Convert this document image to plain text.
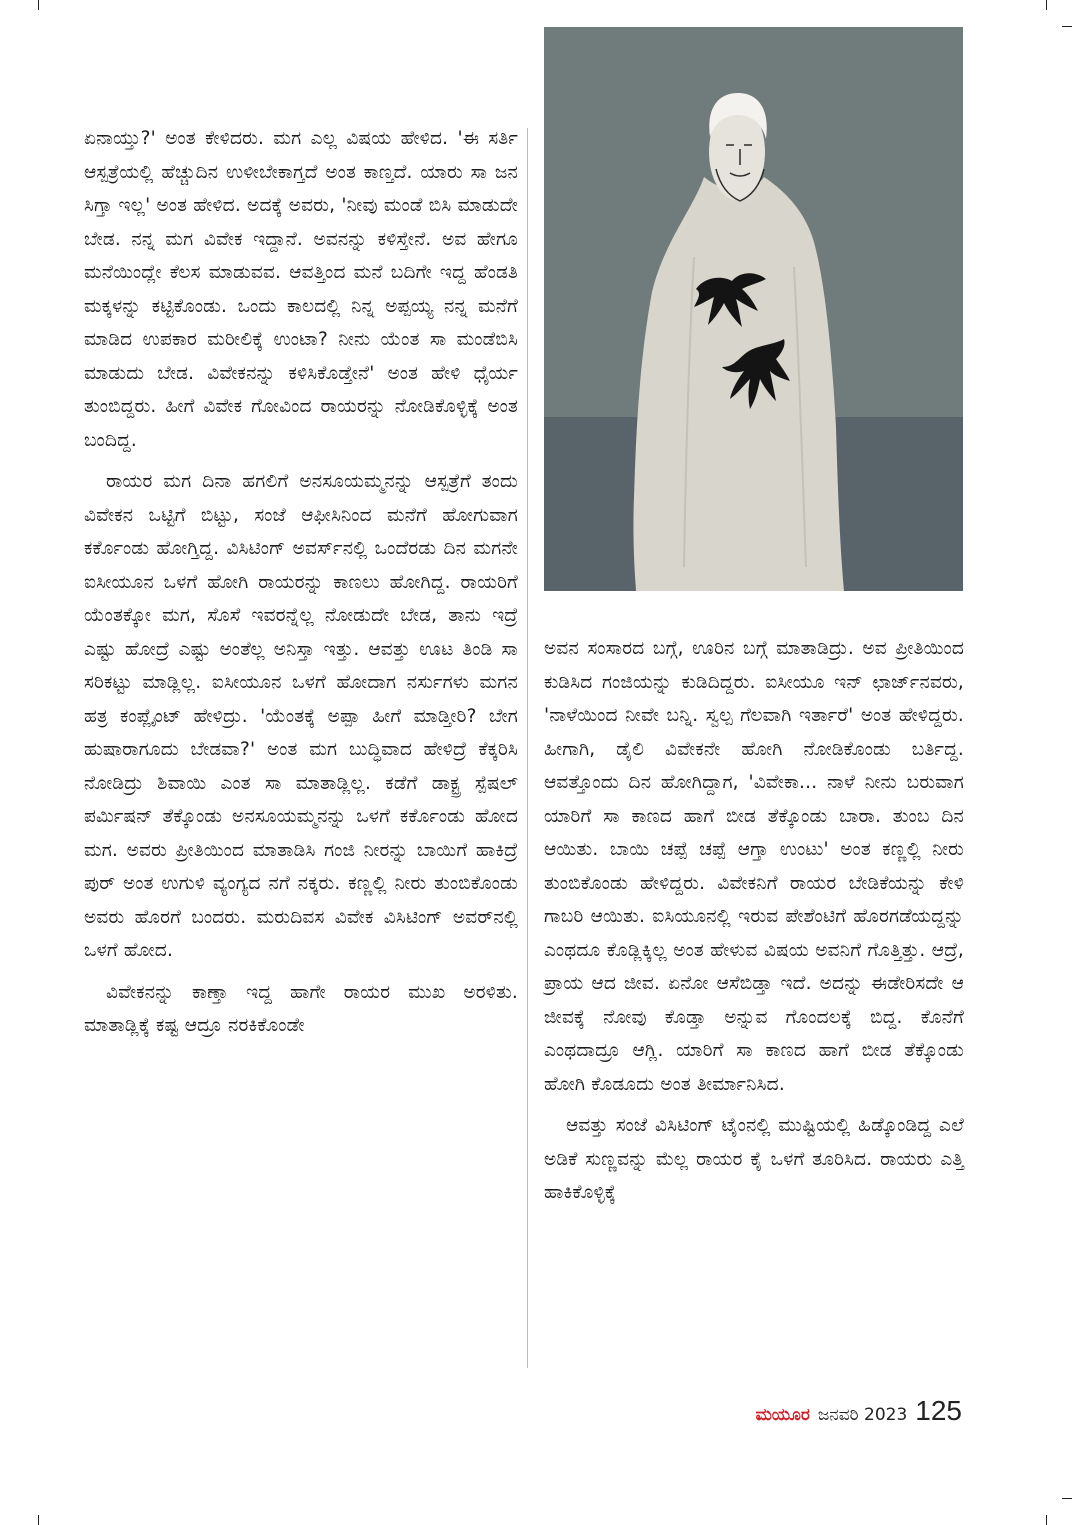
ಏನಾಯ್ತು?' ಅಂತ ಕೇಳಿದರು. ಮಗ ಎಲ್ಲ ವಿಷಯ ಹೇಳಿದ. 'ಈ ಸರ್ತಿ ಆಸ್ಪತ್ರೆಯಲ್ಲಿ ಹೆಚ್ಚುದಿನ ಉಳೀಬೇಕಾಗ್ತದೆ ಅಂತ ಕಾಣ್ತದೆ. ಯಾರು ಸಾ ಜನ ಸಿಗ್ತಾ ಇಲ್ಲ' ಅಂತ ಹೇಳಿದ. ಅದಕ್ಕೆ ಅವರು, 'ನೀವು ಮಂಡೆ ಬಿಸಿ ಮಾಡುದೇ ಬೇಡ. ನನ್ನ ಮಗ ವಿವೇಕ ಇದ್ದಾನೆ. ಅವನನ್ನು ಕಳಿಸ್ತೇನೆ. ಅವ ಹೇಗೂ ಮನೆಯಿಂದ್ಲೇ ಕೆಲಸ ಮಾಡುವವ. ಆವತ್ತಿಂದ ಮನೆ ಬದಿಗೇ ಇದ್ದ ಹೆಂಡತಿ ಮಕ್ಕಳನ್ನು ಕಟ್ಟಿಕೊಂಡು. ಒಂದು ಕಾಲದಲ್ಲಿ ನಿನ್ನ ಅಪ್ಪಯ್ಯ ನನ್ನ ಮನೆಗೆ ಮಾಡಿದ ಉಪಕಾರ ಮರೀಲಿಕ್ಕೆ ಉಂಟಾ? ನೀನು ಯೆಂತ ಸಾ ಮಂಡೆಬಿಸಿ ಮಾಡುದು ಬೇಡ. ವಿವೇಕನನ್ನು ಕಳಿಸಿಕೊಡ್ತೇನೆ' ಅಂತ ಹೇಳಿ ಧೈರ್ಯ ತುಂಬಿದ್ದರು. ಹೀಗೆ ವಿವೇಕ ಗೋವಿಂದ ರಾಯರನ್ನು ನೋಡಿಕೊಳ್ಳಿಕ್ಕೆ ಅಂತ ಬಂದಿದ್ದ.

ರಾಯರ ಮಗ ದಿನಾ ಹಗಲಿಗೆ ಅನಸೂಯಮ್ಮನನ್ನು ಆಸ್ಪತ್ರೆಗೆ ತಂದು ವಿವೇಕನ ಒಟ್ಟಿಗೆ ಬಿಟ್ಟು, ಸಂಜೆ ಆಫೀಸಿನಿಂದ ಮನೆಗೆ ಹೋಗುವಾಗ ಕರ್ಕೊಂಡು ಹೋಗ್ತಿದ್ದ. ವಿಸಿಟಿಂಗ್ ಅವರ್ಸ್‌ನಲ್ಲಿ ಒಂದೆರಡು ದಿನ ಮಗನೇ ಐಸೀಯೂನ ಒಳಗೆ ಹೋಗಿ ರಾಯರನ್ನು ಕಾಣಲು ಹೋಗಿದ್ದ. ರಾಯರಿಗೆ ಯೆಂತಕ್ಕೋ ಮಗ, ಸೊಸೆ ಇವರನ್ನೆಲ್ಲ ನೋಡುದೇ ಬೇಡ, ತಾನು ಇದ್ರೆ ಎಷ್ಟು ಹೋದ್ರೆ ಎಷ್ಟು ಅಂತೆಲ್ಲ ಅನಿಸ್ತಾ ಇತ್ತು. ಆವತ್ತು ಊಟ ತಿಂಡಿ ಸಾ ಸರಿಕಟ್ಟು ಮಾಡ್ಲಿಲ್ಲ. ಐಸೀಯೂನ ಒಳಗೆ ಹೋದಾಗ ನರ್ಸುಗಳು ಮಗನ ಹತ್ರ ಕಂಪ್ಲೈಂಟ್ ಹೇಳಿದ್ರು. 'ಯೆಂತಕ್ಕೆ ಅಪ್ಪಾ ಹೀಗೆ ಮಾಡ್ತೀರಿ? ಬೇಗ ಹುಷಾರಾಗೂದು ಬೇಡವಾ?' ಅಂತ ಮಗ ಬುದ್ಧಿವಾದ ಹೇಳಿದ್ರೆ ಕೆಕ್ಕರಿಸಿ ನೋಡಿದ್ರು ಶಿವಾಯಿ ಎಂತ ಸಾ ಮಾತಾಡ್ಲಿಲ್ಲ. ಕಡೆಗೆ ಡಾಕ್ಟ್ರ ಸ್ಪೆಷಲ್ ಪರ್ಮಿಷನ್ ತೆಕ್ಕೊಂಡು ಅನಸೂಯಮ್ಮನನ್ನು ಒಳಗೆ ಕರ್ಕೊಂಡು ಹೋದ ಮಗ. ಅವರು ಪ್ರೀತಿಯಿಂದ ಮಾತಾಡಿಸಿ ಗಂಜಿ ನೀರನ್ನು ಬಾಯಿಗೆ ಹಾಕಿದ್ರೆ ಪುರ್ ಅಂತ ಉಗುಳಿ ವ್ಯಂಗ್ಯದ ನಗೆ ನಕ್ಕರು. ಕಣ್ಣಲ್ಲಿ ನೀರು ತುಂಬಿಕೊಂಡು ಅವರು ಹೊರಗೆ ಬಂದರು. ಮರುದಿವಸ ವಿವೇಕ ವಿಸಿಟಿಂಗ್ ಅವರ್‌ನಲ್ಲಿ ಒಳಗೆ ಹೋದ.

ವಿವೇಕನನ್ನು ಕಾಣ್ತಾ ಇದ್ದ ಹಾಗೇ ರಾಯರ ಮುಖ ಅರಳಿತು. ಮಾತಾಡ್ಲಿಕ್ಕೆ ಕಷ್ಟ ಆದ್ರೂ ನರಕಿಕೊಂಡೇ

ಅವನ ಸಂಸಾರದ ಬಗ್ಗೆ, ಊರಿನ ಬಗ್ಗೆ ಮಾತಾಡಿದ್ರು. ಅವ ಪ್ರೀತಿಯಿಂದ ಕುಡಿಸಿದ ಗಂಜಿಯನ್ನು ಕುಡಿದಿದ್ದರು. ಐಸೀಯೂ ಇನ್ ಛಾರ್ಜ್‌ನವರು, 'ನಾಳೆಯಿಂದ ನೀವೇ ಬನ್ನಿ. ಸ್ವಲ್ಪ ಗೆಲವಾಗಿ ಇರ್ತಾರೆ' ಅಂತ ಹೇಳಿದ್ದರು. ಹೀಗಾಗಿ, ಡೈಲಿ ವಿವೇಕನೇ ಹೋಗಿ ನೋಡಿಕೊಂಡು ಬರ್ತಿದ್ದ. ಆವತ್ತೊಂದು ದಿನ ಹೋಗಿದ್ದಾಗ, 'ವಿವೇಕಾ... ನಾಳೆ ನೀನು ಬರುವಾಗ ಯಾರಿಗೆ ಸಾ ಕಾಣದ ಹಾಗೆ ಬೀಡ ತೆಕ್ಕೊಂಡು ಬಾರಾ. ತುಂಬ ದಿನ ಆಯಿತು. ಬಾಯಿ ಚಪ್ಪೆ ಚಪ್ಪೆ ಆಗ್ತಾ ಉಂಟು' ಅಂತ ಕಣ್ಣಲ್ಲಿ ನೀರು ತುಂಬಿಕೊಂಡು ಹೇಳಿದ್ದರು. ವಿವೇಕನಿಗೆ ರಾಯರ ಬೇಡಿಕೆಯನ್ನು ಕೇಳಿ ಗಾಬರಿ ಆಯಿತು. ಐಸಿಯೂನಲ್ಲಿ ಇರುವ ಪೇಶೆಂಟಿಗೆ ಹೊರಗಡೆಯದ್ದನ್ನು ಎಂಥದೂ ಕೊಡ್ಲಿಕ್ಕಿಲ್ಲ ಅಂತ ಹೇಳುವ ವಿಷಯ ಅವನಿಗೆ ಗೊತ್ತಿತ್ತು. ಆದ್ರೆ, ಪ್ರಾಯ ಆದ ಜೀವ. ಏನೋ ಆಸೆಬಿಡ್ತಾ ಇದೆ. ಅದನ್ನು ಈಡೇರಿಸದೇ ಆ ಜೀವಕ್ಕೆ ನೋವು ಕೊಡ್ತಾ ಅನ್ನುವ ಗೊಂದಲಕ್ಕೆ ಬಿದ್ದ. ಕೊನೆಗೆ ಎಂಥದಾದ್ರೂ ಆಗ್ಲಿ. ಯಾರಿಗೆ ಸಾ ಕಾಣದ ಹಾಗೆ ಬೀಡ ತೆಕ್ಕೊಂಡು ಹೋಗಿ ಕೊಡೂದು ಅಂತ ತೀರ್ಮಾನಿಸಿದ.

ಆವತ್ತು ಸಂಜೆ ವಿಸಿಟಿಂಗ್ ಟೈಂನಲ್ಲಿ ಮುಷ್ಟಿಯಲ್ಲಿ ಹಿಡ್ಕೊಂಡಿದ್ದ ಎಲೆ ಅಡಿಕೆ ಸುಣ್ಣವನ್ನು ಮೆಲ್ಲ ರಾಯರ ಕೈ ಒಳಗೆ ತೂರಿಸಿದ. ರಾಯರು ಎತ್ತಿ ಹಾಕಿಕೊಳ್ಳಿಕ್ಕೆ

ಮಯೂರ ಜನವರಿ 2023 125
